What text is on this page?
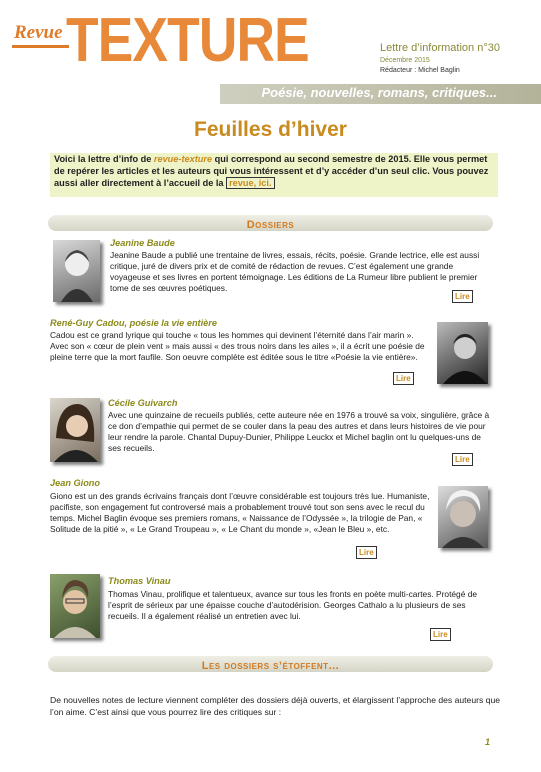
Revue TEXTURE	Lettre d’information n°30
Décembre 2015
Rédacteur : Michel Baglin
Poésie, nouvelles, romans, critiques...
Feuilles d’hiver
Voici la lettre d’info de revue-texture qui correspond au second semestre de 2015. Elle vous permet de repérer les articles et les auteurs qui vous intéressent et d’y accéder d’un seul clic. Vous pouvez aussi aller directement à l’accueil de la revue, ici.
Dossiers
Jeanine Baude
Jeanine Baude a publié une trentaine de livres, essais, récits, poésie. Grande lectrice, elle est aussi critique, juré de divers prix et de comité de rédaction de revues. C’est également une grande voyageuse et ses livres en portent témoignage. Les éditions de La Rumeur libre publient le premier tome de ses œuvres poétiques.
Lire
René-Guy Cadou, poésie la vie entière
Cadou est ce grand lyrique qui touche « tous les hommes qui devinent l’éternité dans l’air marin ». Avec son « cœur de plein vent » mais aussi « des trous noirs dans les ailes », il a écrit une poésie de pleine terre que la mort faufile. Son oeuvre complète est éditée sous le titre «Poésie la vie entière».
Lire
Cécile Guivarch
Avec une quinzaine de recueils publiés, cette auteure née en 1976 a trouvé sa voix, singulière, grâce à ce don d’empathie qui permet de se couler dans la peau des autres et dans leurs histoires de vie pour leur rendre la parole. Chantal Dupuy-Dunier, Philippe Leuckx et Michel baglin ont lu quelques-uns de ses recueils.
Lire
Jean Giono
Giono est un des grands écrivains français dont l’œuvre considérable est toujours très lue. Humaniste, pacifiste, son engagement fut controversé mais a probablement trouvé tout son sens avec le recul du temps. Michel Baglin évoque ses premiers romans, « Naissance de l’Odyssée », la trilogie de Pan, « Solitude de la pitié », « Le Grand Troupeau », « Le Chant du monde », «Jean le Bleu », etc.
Lire
Thomas Vinau
Thomas Vinau, prolifique et talentueux, avance sur tous les fronts en poète multi-cartes. Protégé de l’esprit de sérieux par une épaisse couche d’autodérision. Georges Cathalo a lu plusieurs de ses recueils. Il a également réalisé un entretien avec lui.
Lire
Les dossiers s’étoffent...
De nouvelles notes de lecture viennent compléter des dossiers déjà ouverts, et élargissent l’approche des auteurs que l’on aime. C’est ainsi que vous pourrez lire des critiques sur :
1
